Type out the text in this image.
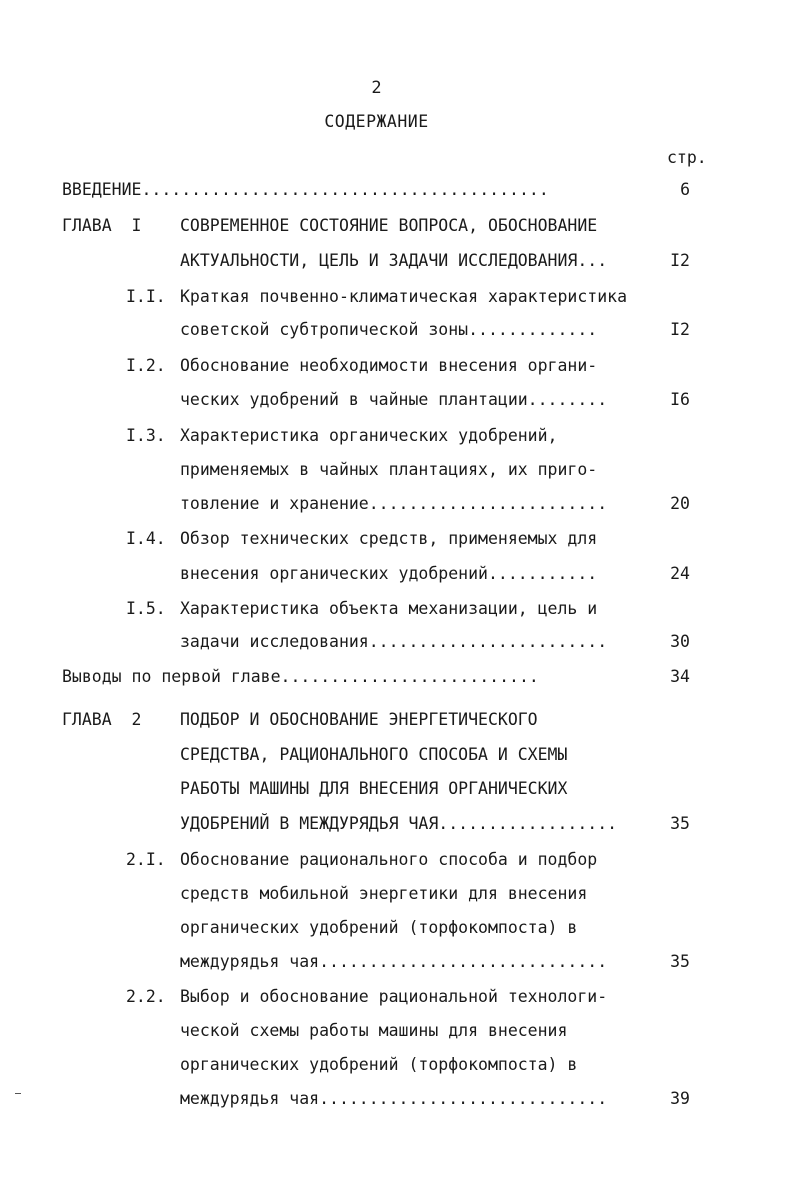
2
СОДЕРЖАНИЕ
стр.
ВВЕДЕНИЕ.........................................	6
ГЛАВА  I СОВРЕМЕННОЕ СОСТОЯНИЕ ВОПРОСА, ОБОСНОВАНИЕ
АКТУАЛЬНОСТИ, ЦЕЛЬ И ЗАДАЧИ ИССЛЕДОВАНИЯ...	I2
I.I. Краткая почвенно-климатическая характеристика
советской субтропической зоны.............	I2
I.2. Обоснование необходимости внесения органи-
ческих удобрений в чайные плантации........	I6
I.3. Характеристика органических удобрений,
применяемых в чайных плантациях, их приго-
товление и хранение........................	20
I.4. Обзор технических средств, применяемых для
внесения органических удобрений...........	24
I.5. Характеристика объекта механизации, цель и
задачи исследования........................	30
Выводы по первой главе..........................	34
ГЛАВА  2 ПОДБОР И ОБОСНОВАНИЕ ЭНЕРГЕТИЧЕСКОГО
СРЕДСТВА, РАЦИОНАЛЬНОГО СПОСОБА И СХЕМЫ
РАБОТЫ МАШИНЫ ДЛЯ ВНЕСЕНИЯ ОРГАНИЧЕСКИХ
УДОБРЕНИЙ В МЕЖДУРЯДЬЯ ЧАЯ..................	35
2.I. Обоснование рационального способа и подбор
средств мобильной энергетики для внесения
органических удобрений (торфокомпоста) в
междурядья чая.............................	35
2.2. Выбор и обоснование рациональной технологи-
ческой схемы работы машины для внесения
органических удобрений (торфокомпоста) в
междурядья чая.............................	39
